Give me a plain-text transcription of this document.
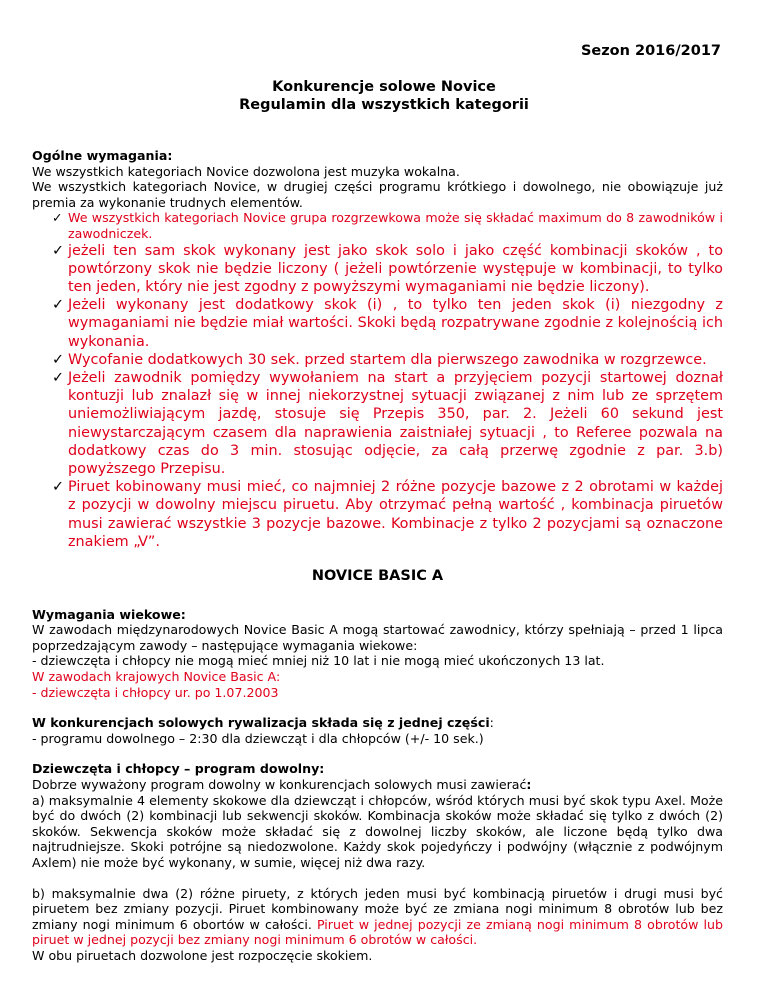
Sezon 2016/2017
Konkurencje solowe Novice
Regulamin dla wszystkich kategorii

Ogólne wymagania:

We wszystkich kategoriach Novice dozwolona jest muzyka wokalna.

We wszystkich kategoriach Novice, w drugiej części programu krótkiego i dowolnego, nie obowiązuje już premia za wykonanie trudnych elementów.

✓ We wszystkich kategoriach Novice grupa rozgrzewkowa może się składać maximum do 8 zawodników i zawodniczek.
✓ jeżeli ten sam skok wykonany jest jako skok solo i jako część kombinacji skoków , to powtórzony skok nie będzie liczony ( jeżeli powtórzenie występuje w kombinacji, to tylko ten jeden, który nie jest zgodny z powyższymi wymaganiami nie będzie liczony).
✓ Jeżeli wykonany jest dodatkowy skok (i) , to tylko ten jeden skok (i) niezgodny z wymaganiami nie będzie miał wartości. Skoki będą rozpatrywane zgodnie z kolejnością ich wykonania.
✓ Wycofanie dodatkowych 30 sek. przed startem dla pierwszego zawodnika w rozgrzewce.
✓ Jeżeli zawodnik pomiędzy wywołaniem na start a przyjęciem pozycji startowej doznał kontuzji lub znalazł się w innej niekorzystnej sytuacji związanej z nim lub ze sprzętem uniemożliwiającym jazdę, stosuje się Przepis 350, par. 2. Jeżeli 60 sekund jest niewystarczającym czasem dla naprawienia zaistniałej sytuacji , to Referee pozwala na dodatkowy czas do 3 min. stosując odjęcie, za całą przerwę zgodnie z par. 3.b) powyższego Przepisu.
✓ Piruet kobinowany musi mieć, co najmniej 2 różne pozycje bazowe z 2 obrotami w każdej z pozycji w dowolny miejscu piruetu. Aby otrzymać pełną wartość , kombinacja piruetów musi zawierać wszystkie 3 pozycje bazowe. Kombinacje z tylko 2 pozycjami są oznaczone znakiem „V”.
NOVICE BASIC A

Wymagania wiekowe:

W zawodach międzynarodowych Novice Basic A mogą startować zawodnicy, którzy spełniają – przed 1 lipca poprzedzającym zawody – następujące wymagania wiekowe:

- dziewczęta i chłopcy nie mogą mieć mniej niż 10 lat i nie mogą mieć ukończonych 13 lat.

W zawodach krajowych Novice Basic A:

- dziewczęta i chłopcy ur. po 1.07.2003

W konkurencjach solowych rywalizacja składa się z jednej części:

- programu dowolnego – 2:30 dla dziewcząt i dla chłopców (+/- 10 sek.)

Dziewczęta i chłopcy – program dowolny:

Dobrze wyważony program dowolny w konkurencjach solowych musi zawierać:

a) maksymalnie 4 elementy skokowe dla dziewcząt i chłopców, wśród których musi być skok typu Axel. Może być do dwóch (2) kombinacji lub sekwencji skoków. Kombinacja skoków może składać się tylko z dwóch (2) skoków. Sekwencja skoków może składać się z dowolnej liczby skoków, ale liczone będą tylko dwa najtrudniejsze. Skoki potrójne są niedozwolone. Każdy skok pojedyńczy i podwójny (włącznie z podwójnym Axlem) nie może być wykonany, w sumie, więcej niż dwa razy.

b) maksymalnie dwa (2) różne piruety, z których jeden musi być kombinacją piruetów i drugi musi być piruetem bez zmiany pozycji. Piruet kombinowany może być ze zmiana nogi minimum 8 obrotów lub bez zmiany nogi minimum 6 obortów w całości. Piruet w jednej pozycji ze zmianą nogi minimum 8 obrotów lub piruet w jednej pozycji bez zmiany nogi minimum 6 obrotów w całości.

W obu piruetach dozwolone jest rozpoczęcie skokiem.
